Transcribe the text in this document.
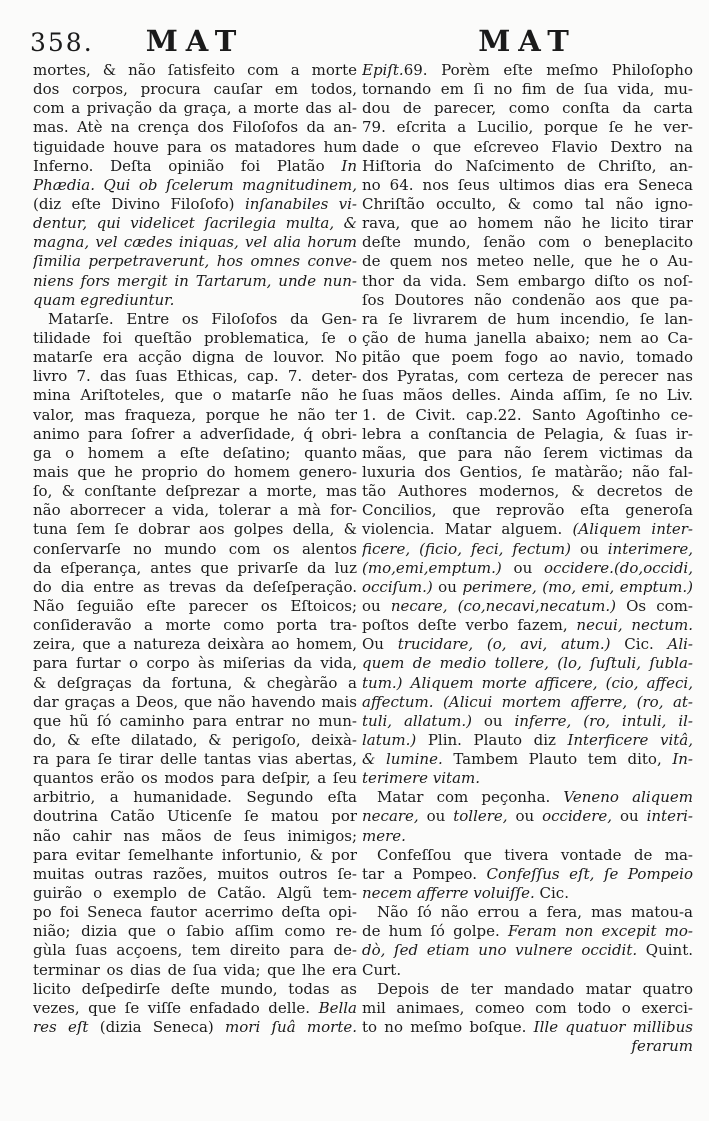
358.	MAT	MAT
mortes, & não ſatisfeito com a morte
dos corpos, procura cauſar em todos,
com a privação da graça, a morte das al-
mas. Atè na crença dos Filoſofos da an-
tiguidade houve para os matadores hum
Inferno. Deſta opinião foi Platão In
Phædia. Qui ob ſcelerum magnitudinem,
(diz eſte Divino Filoſofo) inſanabiles vi-
dentur, qui videlicet ſacrilegia multa, &
magna, vel cædes iniquas, vel alia horum
ſimilia perpetraverunt, hos omnes conve-
niens fors mergit in Tartarum, unde nun-
quam egrediuntur.
Matarſe. Entre os Filoſofos da Gen-
tilidade foi queſtão problematica, ſe o
matarſe era acção digna de louvor. No
livro 7. das ſuas Ethicas, cap. 7. deter-
mina Ariſtoteles, que o matarſe não he
valor, mas fraqueza, porque he não ter
animo para ſofrer a adverſidade, q́ obri-
ga o homem a eſte deſatino; quanto
mais que he proprio do homem genero-
ſo, & conſtante deſprezar a morte, mas
não aborrecer a vida, tolerar a mà for-
tuna ſem ſe dobrar aos golpes della, &
conſervarſe no mundo com os alentos
da eſperança, antes que privarſe da luz
do dia entre as trevas da deſeſperação.
Não ſeguião eſte parecer os Eſtoicos;
conſideravão a morte como porta tra-
zeira, que a natureza deixàra ao homem,
para furtar o corpo às miſerias da vida,
& deſgraças da fortuna, & chegàrão a
dar graças a Deos, que não havendo mais
que hũ ſó caminho para entrar no mun-
do, & eſte dilatado, & perigoſo, deixà-
ra para ſe tirar delle tantas vias abertas,
quantos erão os modos para deſpir, a ſeu
arbitrio, a humanidade. Segundo eſta
doutrina Catão Uticenſe ſe matou por
não cahir nas mãos de ſeus inimigos;
para evitar ſemelhante infortunio, & por
muitas outras razões, muitos outros ſe-
guirão o exemplo de Catão. Algũ tem-
po foi Seneca fautor acerrimo deſta opi-
nião; dizia que o ſabio aſſim como re-
gùla ſuas acçoens, tem direito para de-
terminar os dias de ſua vida; que lhe era
licito deſpedirſe deſte mundo, todas as
vezes, que ſe viſſe enfadado delle. Bella
res eſt (dizia Seneca) mori ſuâ morte.
Epiſt.69. Porèm eſte meſmo Philoſopho
tornando em ſi no fim de ſua vida, mu-
dou de parecer, como conſta da carta
79. eſcrita a Lucilio, porque ſe he ver-
dade o que eſcreveo Flavio Dextro na
Hiſtoria do Naſcimento de Chriſto, an-
no 64. nos ſeus ultimos dias era Seneca
Chriſtão occulto, & como tal não igno-
rava, que ao homem não he licito tirar
deſte mundo, ſenão com o beneplacito
de quem nos meteo nelle, que he o Au-
thor da vida. Sem embargo diſto os noſ-
ſos Doutores não condenão aos que pa-
ra ſe livrarem de hum incendio, ſe lan-
ção de huma janella abaixo; nem ao Ca-
pitão que poem fogo ao navio, tomado
dos Pyratas, com certeza de perecer nas
ſuas mãos delles. Ainda aſſim, ſe no Liv.
1. de Civit. cap.22. Santo Agoſtinho ce-
lebra a conſtancia de Pelagia, & ſuas ir-
mãas, que para não ſerem victimas da
luxuria dos Gentios, ſe matàrão; não fal-
tão Authores modernos, & decretos de
Concilios, que reprovão eſta generoſa
violencia. Matar alguem. (Aliquem inter-
ficere, (ficio, feci, fectum) ou interimere,
(mo,emi,emptum.) ou occidere.(do,occidi,
occiſum.) ou perimere, (mo, emi, emptum.)
ou necare, (co,necavi,necatum.) Os com-
poſtos deſte verbo fazem, necui, nectum.
Ou trucidare, (o, avi, atum.) Cic. Ali-
quem de medio tollere, (lo, ſuſtuli, ſubla-
tum.) Aliquem morte afficere, (cio, affeci,
affectum. (Alicui mortem afferre, (ro, at-
tuli, allatum.) ou inferre, (ro, intuli, il-
latum.) Plin. Plauto diz Interficere vitâ,
& lumine. Tambem Plauto tem dito, In-
terimere vitam.
Matar com peçonha. Veneno aliquem
necare, ou tollere, ou occidere, ou interi-
mere.
Confeſſou que tivera vontade de ma-
tar a Pompeo. Confeſſus eſt, ſe Pompeio
necem afferre voluiſſe. Cic.
Não ſó não errou a fera, mas matou-a
de hum ſó golpe. Feram non excepit mo-
dò, ſed etiam uno vulnere occidit. Quint.
Curt.
Depois de ter mandado matar quatro
mil animaes, comeo com todo o exerci-
to no meſmo boſque. Ille quatuor millibus
ferarum
